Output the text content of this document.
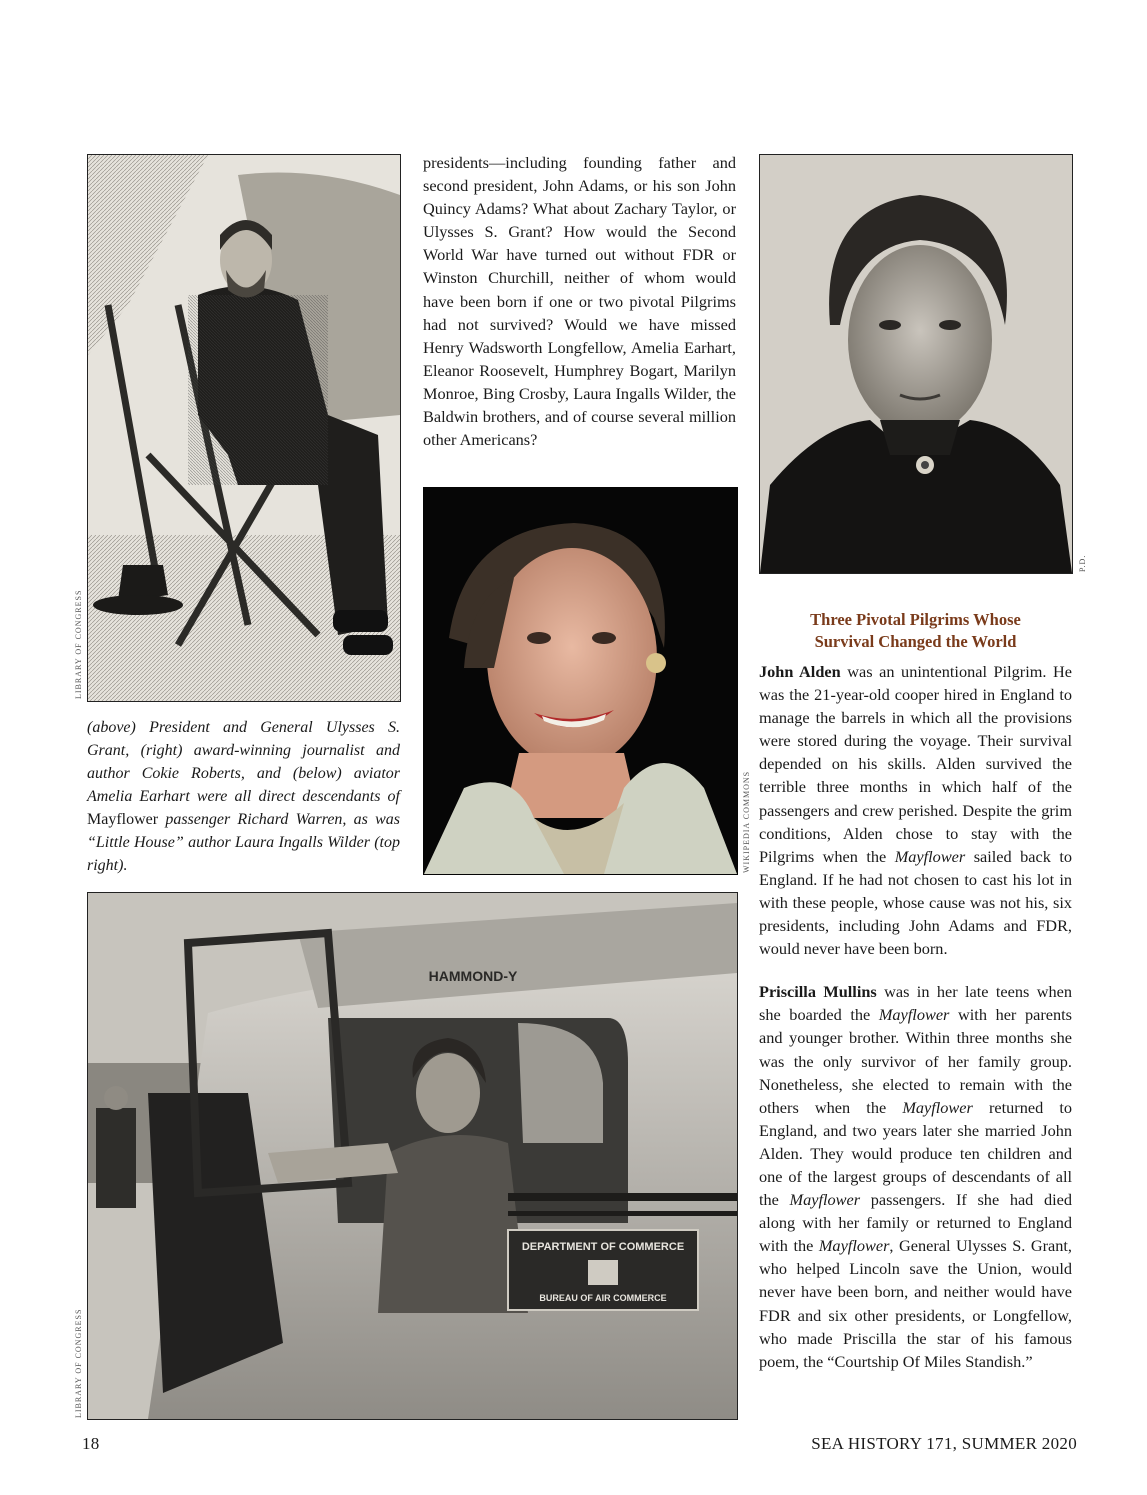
LIBRARY OF CONGRESS
(above) President and General Ulysses S. Grant, (right) award-winning journalist and author Cokie Roberts, and (below) aviator Amelia Earhart were all direct descendants of Mayflower passenger Richard Warren, as was “Little House” author Laura Ingalls Wilder (top right).
presidents—including founding father and second president, John Adams, or his son John Quincy Adams? What about Zachary Taylor, or Ulysses S. Grant? How would the Second World War have turned out without FDR or Winston Churchill, neither of whom would have been born if one or two pivotal Pilgrims had not survived? Would we have missed Henry Wadsworth Longfellow, Amelia Earhart, Eleanor Roosevelt, Humphrey Bogart, Marilyn Monroe, Bing Crosby, Laura Ingalls Wilder, the Baldwin brothers, and of course several million other Americans?
WIKIPEDIA COMMONS
P.D.
Three Pivotal Pilgrims Whose
Survival Changed the World

John Alden was an unintentional Pilgrim. He was the 21-year-old cooper hired in England to manage the barrels in which all the provisions were stored during the voyage. Their survival depended on his skills. Alden survived the terrible three months in which half of the passengers and crew perished. Despite the grim conditions, Alden chose to stay with the Pilgrims when the Mayflower sailed back to England. If he had not chosen to cast his lot in with these people, whose cause was not his, six presidents, including John Adams and FDR, would never have been born.

Priscilla Mullins was in her late teens when she boarded the Mayflower with her parents and younger brother. Within three months she was the only survivor of her family group. Nonetheless, she elected to remain with the others when the Mayflower returned to England, and two years later she married John Alden. They would produce ten children and one of the largest groups of descendants of all the Mayflower passengers. If she had died along with her family or returned to England with the Mayflower, General Ulysses S. Grant, who helped Lincoln save the Union, would never have been born, and neither would have FDR and six other presidents, or Longfellow, who made Priscilla the star of his famous poem, the “Courtship Of Miles Standish.”

DEPARTMENT OF COMMERCE
BUREAU OF AIR COMMERCE
HAMMOND-Y
LIBRARY OF CONGRESS
18	SEA HISTORY 171, SUMMER 2020
